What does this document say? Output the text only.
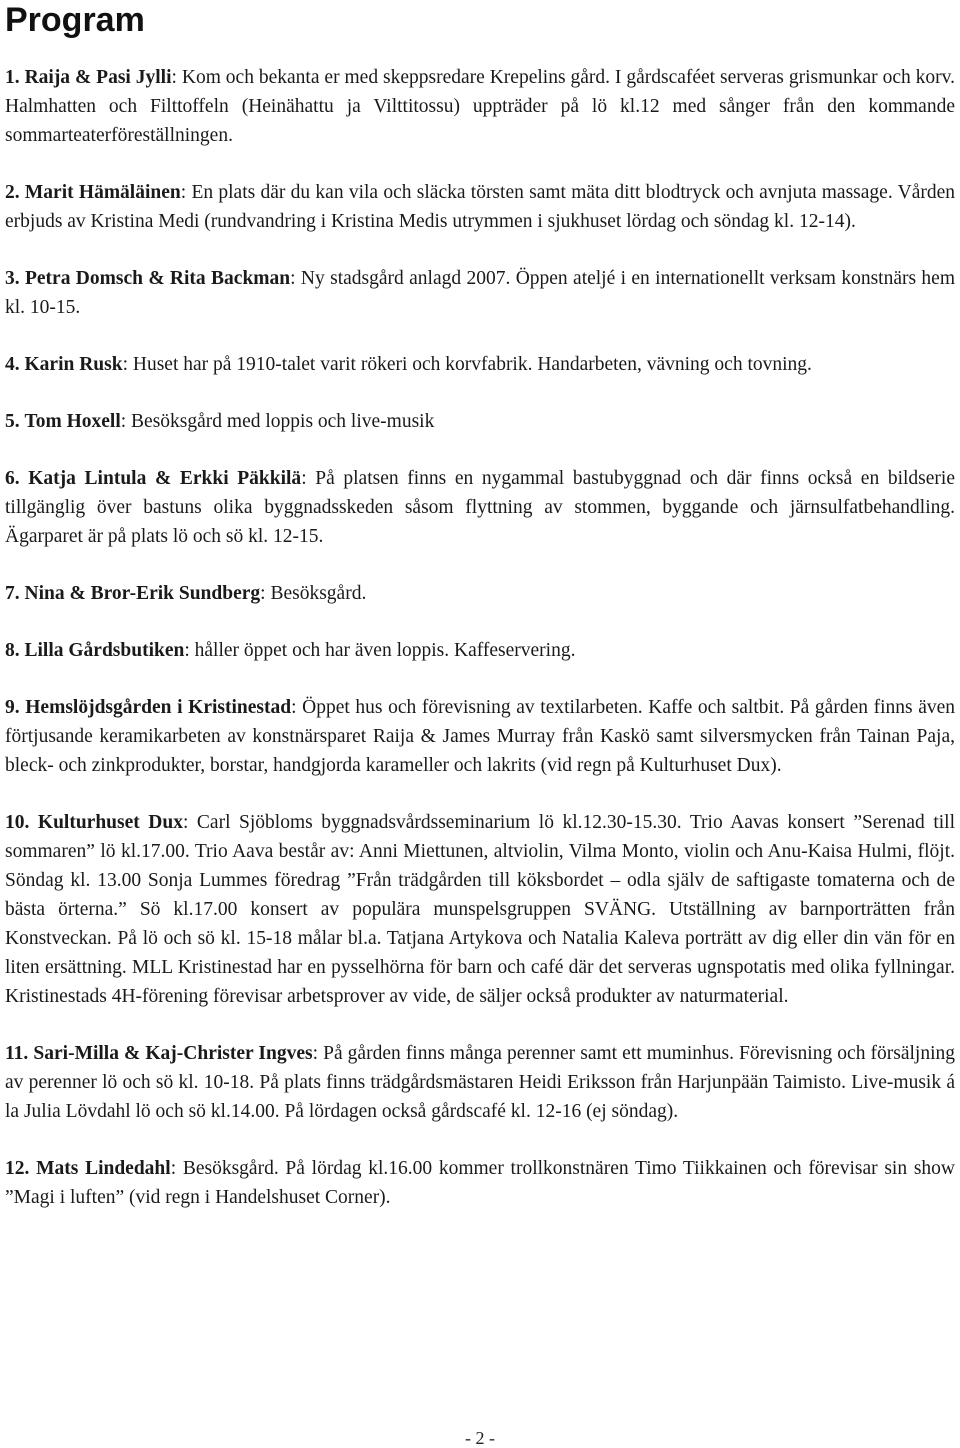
Program

1. Raija & Pasi Jylli: Kom och bekanta er med skeppsredare Krepelins gård. I gårdscaféet serveras grismunkar och korv. Halmhatten och Filttoffeln (Heinähattu ja Vilttitossu) uppträder på lö kl.12 med sånger från den kommande sommarteaterföreställningen.

2. Marit Hämäläinen: En plats där du kan vila och släcka törsten samt mäta ditt blodtryck och avnjuta massage. Vården erbjuds av Kristina Medi (rundvandring i Kristina Medis utrymmen i sjukhuset lördag och söndag kl. 12-14).

3. Petra Domsch & Rita Backman: Ny stadsgård anlagd 2007. Öppen ateljé i en internationellt verksam konstnärs hem kl. 10-15.

4. Karin Rusk: Huset har på 1910-talet varit rökeri och korvfabrik. Handarbeten, vävning och tovning.

5. Tom Hoxell: Besöksgård med loppis och live-musik

6. Katja Lintula & Erkki Päkkilä: På platsen finns en nygammal bastubyggnad och där finns också en bildserie tillgänglig över bastuns olika byggnadsskeden såsom flyttning av stommen, byggande och järnsulfatbehandling. Ägarparet är på plats lö och sö kl. 12-15.

7. Nina & Bror-Erik Sundberg: Besöksgård.

8. Lilla Gårdsbutiken: håller öppet och har även loppis. Kaffeservering.

9. Hemslöjdsgården i Kristinestad: Öppet hus och förevisning av textilarbeten. Kaffe och saltbit. På gården finns även förtjusande keramikarbeten av konstnärsparet Raija & James Murray från Kaskö samt silversmycken från Tainan Paja, bleck- och zinkprodukter, borstar, handgjorda karameller och lakrits (vid regn på Kulturhuset Dux).

10. Kulturhuset Dux: Carl Sjöbloms byggnadsvårdsseminarium lö kl.12.30-15.30. Trio Aavas konsert ”Serenad till sommaren” lö kl.17.00. Trio Aava består av: Anni Miettunen, altviolin, Vilma Monto, violin och Anu-Kaisa Hulmi, flöjt. Söndag kl. 13.00 Sonja Lummes föredrag ”Från trädgården till köksbordet – odla själv de saftigaste tomaterna och de bästa örterna.” Sö kl.17.00 konsert av populära munspelsgruppen SVÄNG. Utställning av barnporträtten från Konstveckan. På lö och sö kl. 15-18 målar bl.a. Tatjana Artykova och Natalia Kaleva porträtt av dig eller din vän för en liten ersättning. MLL Kristinestad har en pysselhörna för barn och café där det serveras ugnspotatis med olika fyllningar. Kristinestads 4H-förening förevisar arbetsprover av vide, de säljer också produkter av naturmaterial.

11. Sari-Milla & Kaj-Christer Ingves: På gården finns många perenner samt ett muminhus. Förevisning och försäljning av perenner lö och sö kl. 10-18. På plats finns trädgårdsmästaren Heidi Eriksson från Harjunpään Taimisto. Live-musik á la Julia Lövdahl lö och sö kl.14.00. På lördagen också gårdscafé kl. 12-16 (ej söndag).

12. Mats Lindedahl: Besöksgård. På lördag kl.16.00 kommer trollkonstnären Timo Tiikkainen och förevisar sin show ”Magi i luften” (vid regn i Handelshuset Corner).

- 2 -
